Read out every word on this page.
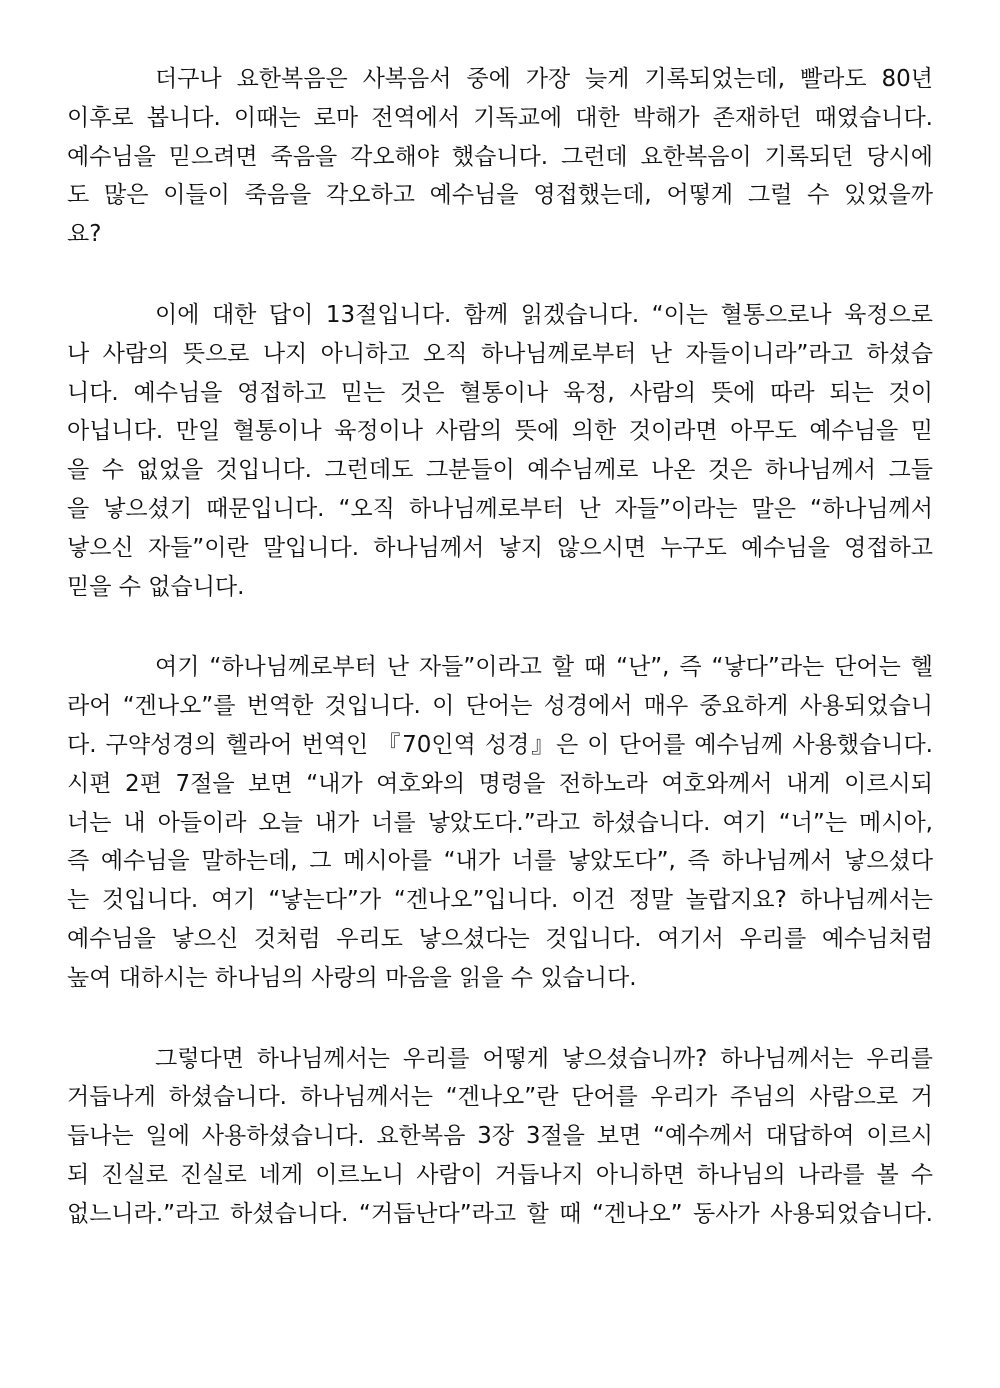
더구나 요한복음은 사복음서 중에 가장 늦게 기록되었는데, 빨라도 80년
이후로 봅니다. 이때는 로마 전역에서 기독교에 대한 박해가 존재하던 때였습니다.
예수님을 믿으려면 죽음을 각오해야 했습니다. 그런데 요한복음이 기록되던 당시에
도 많은 이들이 죽음을 각오하고 예수님을 영접했는데, 어떻게 그럴 수 있었을까
요?
이에 대한 답이 13절입니다. 함께 읽겠습니다. “이는 혈통으로나 육정으로
나 사람의 뜻으로 나지 아니하고 오직 하나님께로부터 난 자들이니라”라고 하셨습
니다. 예수님을 영접하고 믿는 것은 혈통이나 육정, 사람의 뜻에 따라 되는 것이
아닙니다. 만일 혈통이나 육정이나 사람의 뜻에 의한 것이라면 아무도 예수님을 믿
을 수 없었을 것입니다. 그런데도 그분들이 예수님께로 나온 것은 하나님께서 그들
을 낳으셨기 때문입니다. “오직 하나님께로부터 난 자들”이라는 말은 “하나님께서
낳으신 자들”이란 말입니다. 하나님께서 낳지 않으시면 누구도 예수님을 영접하고
믿을 수 없습니다.
여기 “하나님께로부터 난 자들”이라고 할 때 “난”, 즉 “낳다”라는 단어는 헬
라어 “겐나오”를 번역한 것입니다. 이 단어는 성경에서 매우 중요하게 사용되었습니
다. 구약성경의 헬라어 번역인 『70인역 성경』은 이 단어를 예수님께 사용했습니다.
시편 2편 7절을 보면 “내가 여호와의 명령을 전하노라 여호와께서 내게 이르시되
너는 내 아들이라 오늘 내가 너를 낳았도다.”라고 하셨습니다. 여기 “너”는 메시아,
즉 예수님을 말하는데, 그 메시아를 “내가 너를 낳았도다”, 즉 하나님께서 낳으셨다
는 것입니다. 여기 “낳는다”가 “겐나오”입니다. 이건 정말 놀랍지요? 하나님께서는
예수님을 낳으신 것처럼 우리도 낳으셨다는 것입니다. 여기서 우리를 예수님처럼
높여 대하시는 하나님의 사랑의 마음을 읽을 수 있습니다.
그렇다면 하나님께서는 우리를 어떻게 낳으셨습니까? 하나님께서는 우리를
거듭나게 하셨습니다. 하나님께서는 “겐나오”란 단어를 우리가 주님의 사람으로 거
듭나는 일에 사용하셨습니다. 요한복음 3장 3절을 보면 “예수께서 대답하여 이르시
되 진실로 진실로 네게 이르노니 사람이 거듭나지 아니하면 하나님의 나라를 볼 수
없느니라.”라고 하셨습니다. “거듭난다”라고 할 때 “겐나오” 동사가 사용되었습니다.
